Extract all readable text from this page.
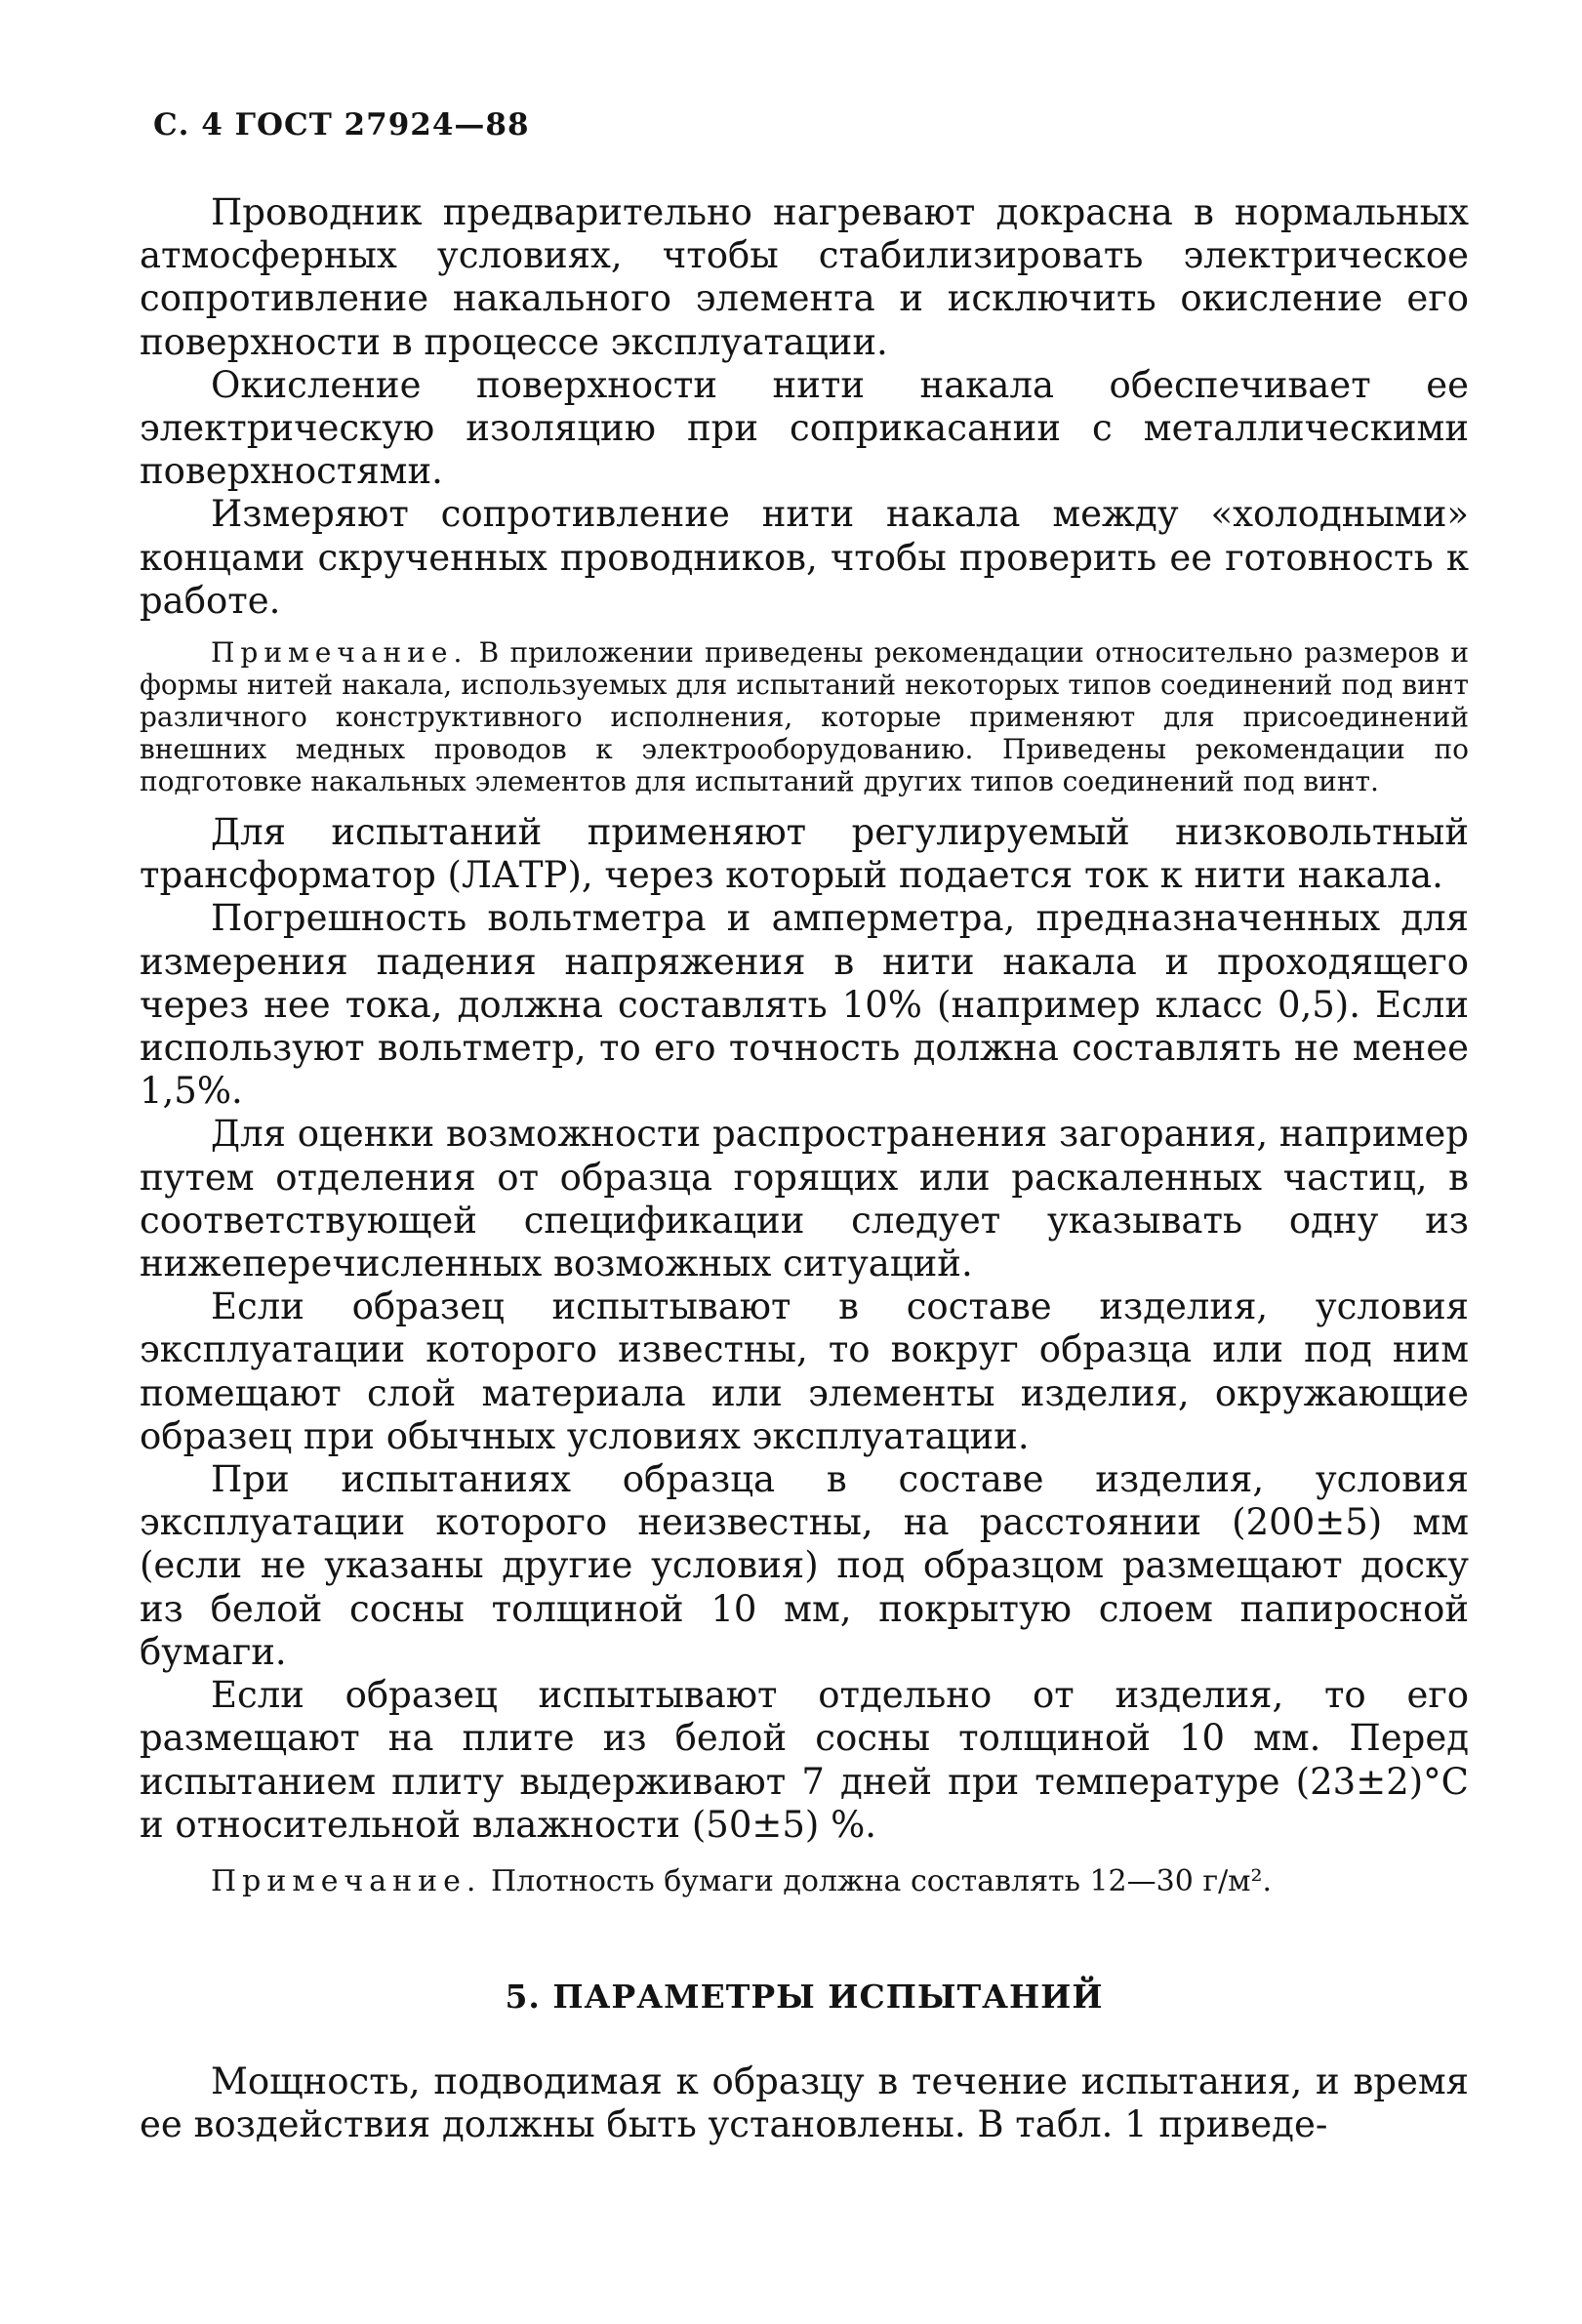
С. 4 ГОСТ 27924—88

Проводник предварительно нагревают докрасна в нормальных атмосферных условиях, чтобы стабилизировать электрическое сопротивление накального элемента и исключить окисление его поверхности в процессе эксплуатации.

Окисление поверхности нити накала обеспечивает ее электрическую изоляцию при соприкасании с металлическими поверхностями.

Измеряют сопротивление нити накала между «холодными» концами скрученных проводников, чтобы проверить ее готовность к работе.

Примечание. В приложении приведены рекомендации относительно размеров и формы нитей накала, используемых для испытаний некоторых типов соединений под винт различного конструктивного исполнения, которые применяют для присоединений внешних медных проводов к электрооборудованию. Приведены рекомендации по подготовке накальных элементов для испытаний других типов соединений под винт.

Для испытаний применяют регулируемый низковольтный трансформатор (ЛАТР), через который подается ток к нити накала.

Погрешность вольтметра и амперметра, предназначенных для измерения падения напряжения в нити накала и проходящего через нее тока, должна составлять 10% (например класс 0,5). Если используют вольтметр, то его точность должна составлять не менее 1,5%.

Для оценки возможности распространения загорания, например путем отделения от образца горящих или раскаленных частиц, в соответствующей спецификации следует указывать одну из нижеперечисленных возможных ситуаций.

Если образец испытывают в составе изделия, условия эксплуатации которого известны, то вокруг образца или под ним помещают слой материала или элементы изделия, окружающие образец при обычных условиях эксплуатации.

При испытаниях образца в составе изделия, условия эксплуатации которого неизвестны, на расстоянии (200±5) мм (если не указаны другие условия) под образцом размещают доску из белой сосны толщиной 10 мм, покрытую слоем папиросной бумаги.

Если образец испытывают отдельно от изделия, то его размещают на плите из белой сосны толщиной 10 мм. Перед испытанием плиту выдерживают 7 дней при температуре (23±2)°С и относительной влажности (50±5) %.

Примечание. Плотность бумаги должна составлять 12—30 г/м².

5. ПАРАМЕТРЫ ИСПЫТАНИЙ

Мощность, подводимая к образцу в течение испытания, и время ее воздействия должны быть установлены. В табл. 1 приведе-
